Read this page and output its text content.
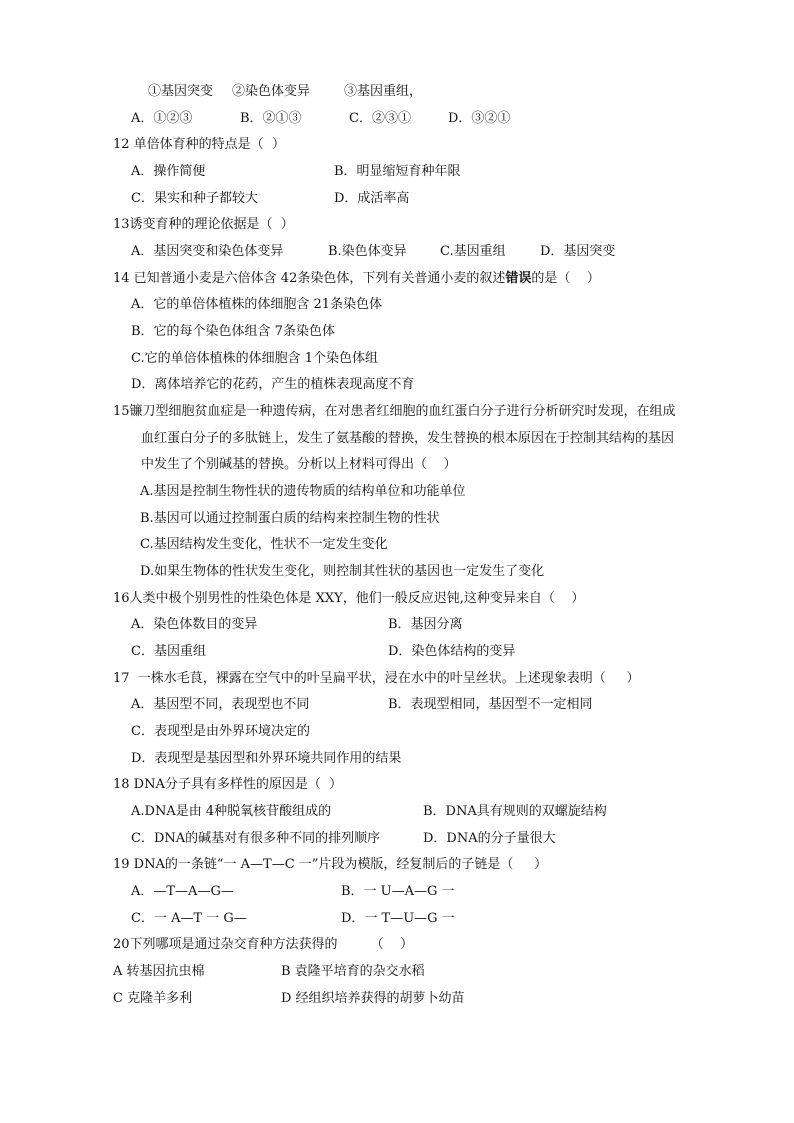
①基因突变 ②染色体变异	③基因重组，
A．①②③	B．②①③	C．②③①	D．③②①
12 单倍体育种的特点是（  ）
A．操作简便	B．明显缩短育种年限
C．果实和种子都较大	D．成活率高
13诱变育种的理论依据是（  ）
A．基因突变和染色体变异	B.染色体变异	C.基因重组	D．基因突变
14 已知普通小麦是六倍体含 42条染色体，下列有关普通小麦的叙述错误的是（    ）
A．它的单倍体植株的体细胞含 21条染色体
B．它的每个染色体组含 7条染色体
C.它的单倍体植株的体细胞含 1个染色体组
D．离体培养它的花药，产生的植株表现高度不育
15镰刀型细胞贫血症是一种遗传病，在对患者红细胞的血红蛋白分子进行分析研究时发现，在组成
血红蛋白分子的多肽链上，发生了氨基酸的替换，发生替换的根本原因在于控制其结构的基因
中发生了个别碱基的替换。分析以上材料可得出（    ）
A.基因是控制生物性状的遗传物质的结构单位和功能单位
B.基因可以通过控制蛋白质的结构来控制生物的性状
C.基因结构发生变化，性状不一定发生变化
D.如果生物体的性状发生变化，则控制其性状的基因也一定发生了变化
16人类中极个别男性的性染色体是 XXY，他们一般反应迟钝,这种变异来自（    ）
A．染色体数目的变异	B．基因分离
C．基因重组	D．染色体结构的变异
17  一株水毛茛，裸露在空气中的叶呈扁平状，浸在水中的叶呈丝状。上述现象表明（     ）
A．基因型不同，表现型也不同	B．表现型相同，基因型不一定相同
C．表现型是由外界环境决定的
D．表现型是基因型和外界环境共同作用的结果
18 DNA分子具有多样性的原因是（  ）
A.DNA是由 4种脱氧核苷酸组成的	B．DNA具有规则的双螺旋结构
C．DNA的碱基对有很多种不同的排列顺序	D．DNA的分子量很大
19 DNA的一条链“一 A—T—C 一”片段为模版，经复制后的子链是（     ）
A．—T—A—G—	B．一 U—A—G 一
C．一 A—T 一 G—	D．一 T—U—G 一
20下列哪项是通过杂交育种方法获得的        （    ）
A 转基因抗虫棉	B 袁隆平培育的杂交水稻
C 克隆羊多利	D 经组织培养获得的胡萝卜幼苗
